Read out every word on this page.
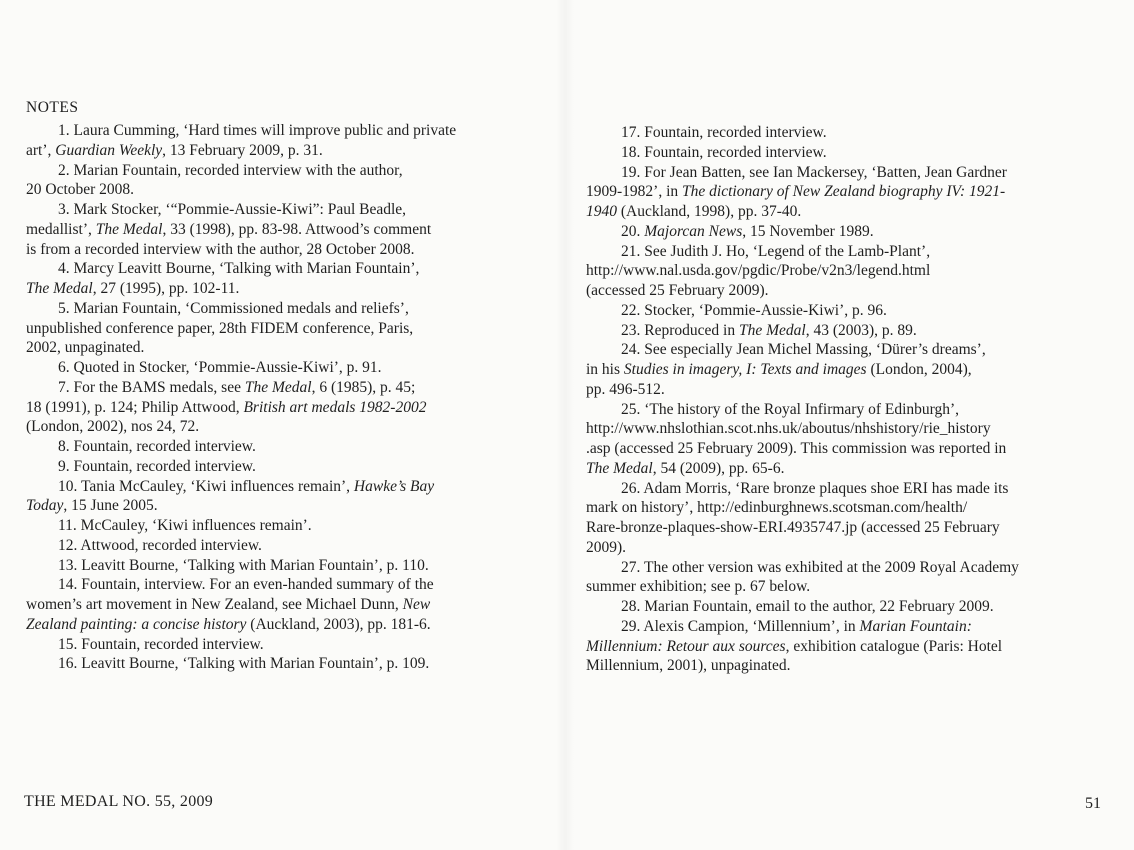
NOTES
1. Laura Cumming, ‘Hard times will improve public and private
art’, Guardian Weekly, 13 February 2009, p. 31.
2. Marian Fountain, recorded interview with the author,
20 October 2008.
3. Mark Stocker, ‘“Pommie-Aussie-Kiwi”: Paul Beadle,
medallist’, The Medal, 33 (1998), pp. 83-98. Attwood’s comment
is from a recorded interview with the author, 28 October 2008.
4. Marcy Leavitt Bourne, ‘Talking with Marian Fountain’,
The Medal, 27 (1995), pp. 102-11.
5. Marian Fountain, ‘Commissioned medals and reliefs’,
unpublished conference paper, 28th FIDEM conference, Paris,
2002, unpaginated.
6. Quoted in Stocker, ‘Pommie-Aussie-Kiwi’, p. 91.
7. For the BAMS medals, see The Medal, 6 (1985), p. 45;
18 (1991), p. 124; Philip Attwood, British art medals 1982-2002
(London, 2002), nos 24, 72.
8. Fountain, recorded interview.
9. Fountain, recorded interview.
10. Tania McCauley, ‘Kiwi influences remain’, Hawke’s Bay
Today, 15 June 2005.
11. McCauley, ‘Kiwi influences remain’.
12. Attwood, recorded interview.
13. Leavitt Bourne, ‘Talking with Marian Fountain’, p. 110.
14. Fountain, interview. For an even-handed summary of the
women’s art movement in New Zealand, see Michael Dunn, New
Zealand painting: a concise history (Auckland, 2003), pp. 181-6.
15. Fountain, recorded interview.
16. Leavitt Bourne, ‘Talking with Marian Fountain’, p. 109.
17. Fountain, recorded interview.
18. Fountain, recorded interview.
19. For Jean Batten, see Ian Mackersey, ‘Batten, Jean Gardner
1909-1982’, in The dictionary of New Zealand biography IV: 1921-
1940 (Auckland, 1998), pp. 37-40.
20. Majorcan News, 15 November 1989.
21. See Judith J. Ho, ‘Legend of the Lamb-Plant’,
http://www.nal.usda.gov/pgdic/Probe/v2n3/legend.html
(accessed 25 February 2009).
22. Stocker, ‘Pommie-Aussie-Kiwi’, p. 96.
23. Reproduced in The Medal, 43 (2003), p. 89.
24. See especially Jean Michel Massing, ‘Dürer’s dreams’,
in his Studies in imagery, I: Texts and images (London, 2004),
pp. 496-512.
25. ‘The history of the Royal Infirmary of Edinburgh’,
http://www.nhslothian.scot.nhs.uk/aboutus/nhshistory/rie_history
.asp (accessed 25 February 2009). This commission was reported in
The Medal, 54 (2009), pp. 65-6.
26. Adam Morris, ‘Rare bronze plaques shoe ERI has made its
mark on history’, http://edinburghnews.scotsman.com/health/
Rare-bronze-plaques-show-ERI.4935747.jp (accessed 25 February
2009).
27. The other version was exhibited at the 2009 Royal Academy
summer exhibition; see p. 67 below.
28. Marian Fountain, email to the author, 22 February 2009.
29. Alexis Campion, ‘Millennium’, in Marian Fountain:
Millennium: Retour aux sources, exhibition catalogue (Paris: Hotel
Millennium, 2001), unpaginated.
THE MEDAL NO. 55, 2009	51
